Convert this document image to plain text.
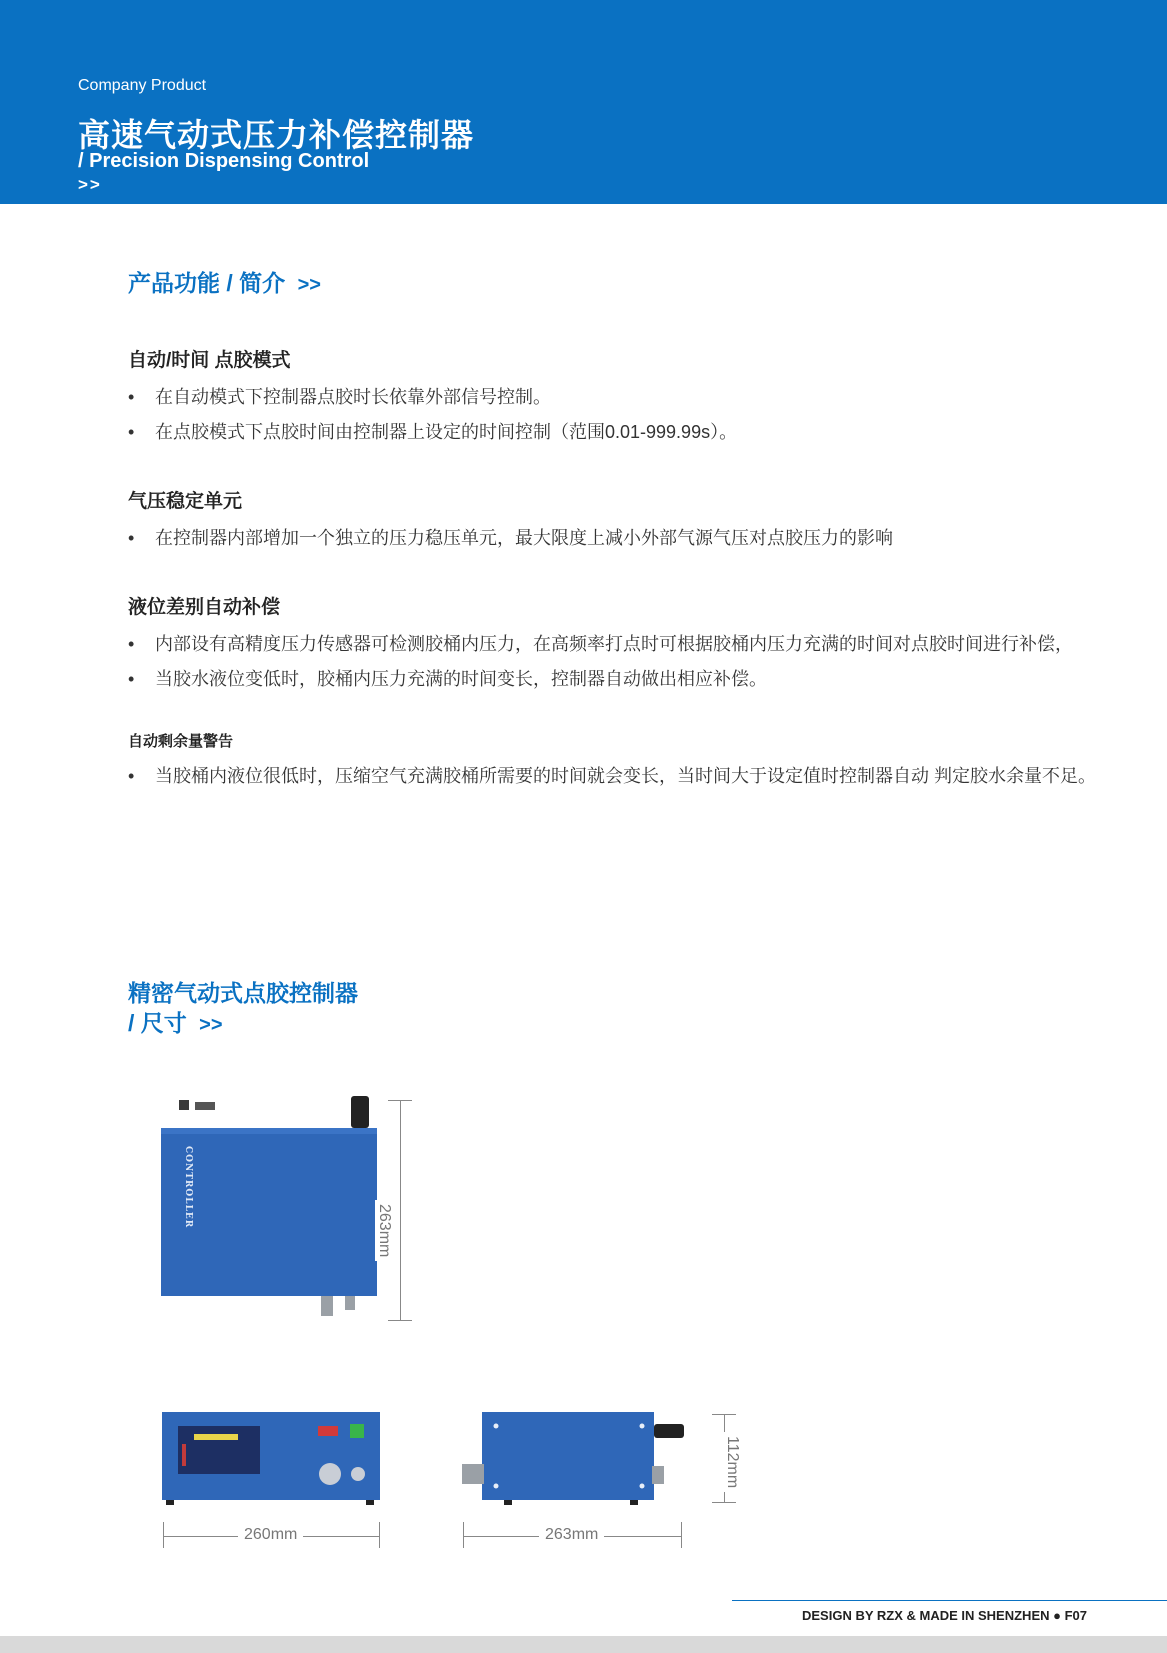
Company Product
高速气动式压力补偿控制器
/ Precision Dispensing Control
>>
产品功能 / 简介 >>
自动/时间 点胶模式
• 在自动模式下控制器点胶时长依靠外部信号控制。
• 在点胶模式下点胶时间由控制器上设定的时间控制（范围0.01-999.99s）。
气压稳定单元
• 在控制器内部增加一个独立的压力稳压单元，最大限度上减小外部气源气压对点胶压力的影响
液位差别自动补偿
• 内部设有高精度压力传感器可检测胶桶内压力，在高频率打点时可根据胶桶内压力充满的时间对点胶时间进行补偿，
• 当胶水液位变低时，胶桶内压力充满的时间变长，控制器自动做出相应补偿。
自动剩余量警告
• 当胶桶内液位很低时，压缩空气充满胶桶所需要的时间就会变长，当时间大于设定值时控制器自动 判定胶水余量不足。
精密气动式点胶控制器
/ 尺寸 >>
CONTROLLER
263mm
260mm	263mm
112mm
DESIGN BY RZX & MADE IN SHENZHEN ● F07
